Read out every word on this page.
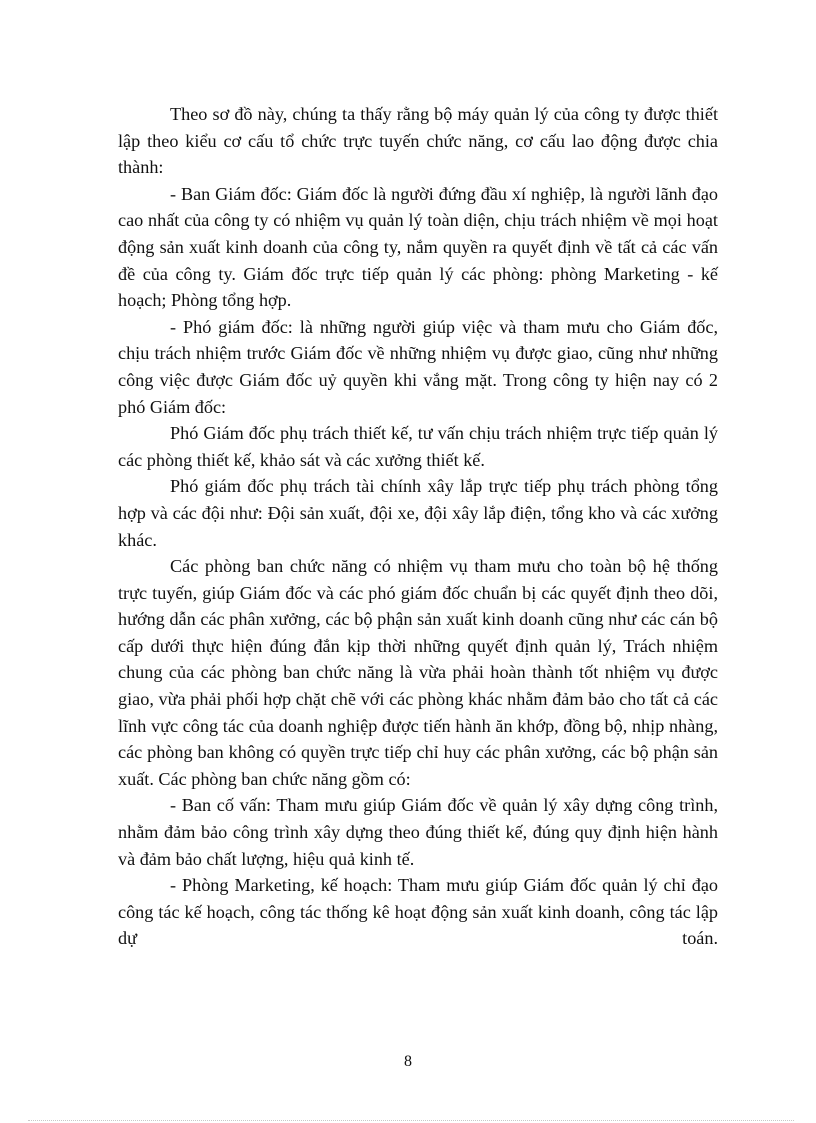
Theo sơ đồ này, chúng ta thấy rằng bộ máy quản lý của công ty được thiết lập theo kiểu cơ cấu tổ chức trực tuyến chức năng, cơ cấu lao động được chia thành:

- Ban Giám đốc: Giám đốc là người đứng đầu xí nghiệp, là người lãnh đạo cao nhất của công ty có nhiệm vụ quản lý toàn diện, chịu trách nhiệm về mọi hoạt động sản xuất kinh doanh của công ty, nắm quyền ra quyết định về tất cả các vấn đề của công ty. Giám đốc trực tiếp quản lý các phòng: phòng Marketing - kế hoạch; Phòng tổng hợp.

- Phó giám đốc: là những người giúp việc và tham mưu cho Giám đốc, chịu trách nhiệm trước Giám đốc về những nhiệm vụ được giao, cũng như những công việc được Giám đốc uỷ quyền khi vắng mặt. Trong công ty hiện nay có 2 phó Giám đốc:

Phó Giám đốc phụ trách thiết kế, tư vấn chịu trách nhiệm trực tiếp quản lý các phòng thiết kế, khảo sát và các xưởng thiết kế.

Phó giám đốc phụ trách tài chính xây lắp trực tiếp phụ trách phòng tổng hợp và các đội như: Đội sản xuất, đội xe, đội xây lắp điện, tổng kho và các xưởng khác.

Các phòng ban chức năng có nhiệm vụ tham mưu cho toàn bộ hệ thống trực tuyến, giúp Giám đốc và các phó giám đốc chuẩn bị các quyết định theo dõi, hướng dẫn các phân xưởng, các bộ phận sản xuất kinh doanh cũng như các cán bộ cấp dưới thực hiện đúng đắn kịp thời những quyết định quản lý, Trách nhiệm chung của các phòng ban chức năng là vừa phải hoàn thành tốt nhiệm vụ được giao, vừa phải phối hợp chặt chẽ với các phòng khác nhằm đảm bảo cho tất cả các lĩnh vực công tác của doanh nghiệp được tiến hành ăn khớp, đồng bộ, nhịp nhàng, các phòng ban không có quyền trực tiếp chỉ huy các phân xưởng, các bộ phận sản xuất. Các phòng ban chức năng gồm có:

- Ban cố vấn: Tham mưu giúp Giám đốc về quản lý xây dựng công trình, nhằm đảm bảo công trình xây dựng theo đúng thiết kế, đúng quy định hiện hành và đảm bảo chất lượng, hiệu quả kinh tế.

- Phòng Marketing, kế hoạch: Tham mưu giúp Giám đốc quản lý chỉ đạo công tác kế hoạch, công tác thống kê hoạt động sản xuất kinh doanh, công tác lập dự toán.

8
